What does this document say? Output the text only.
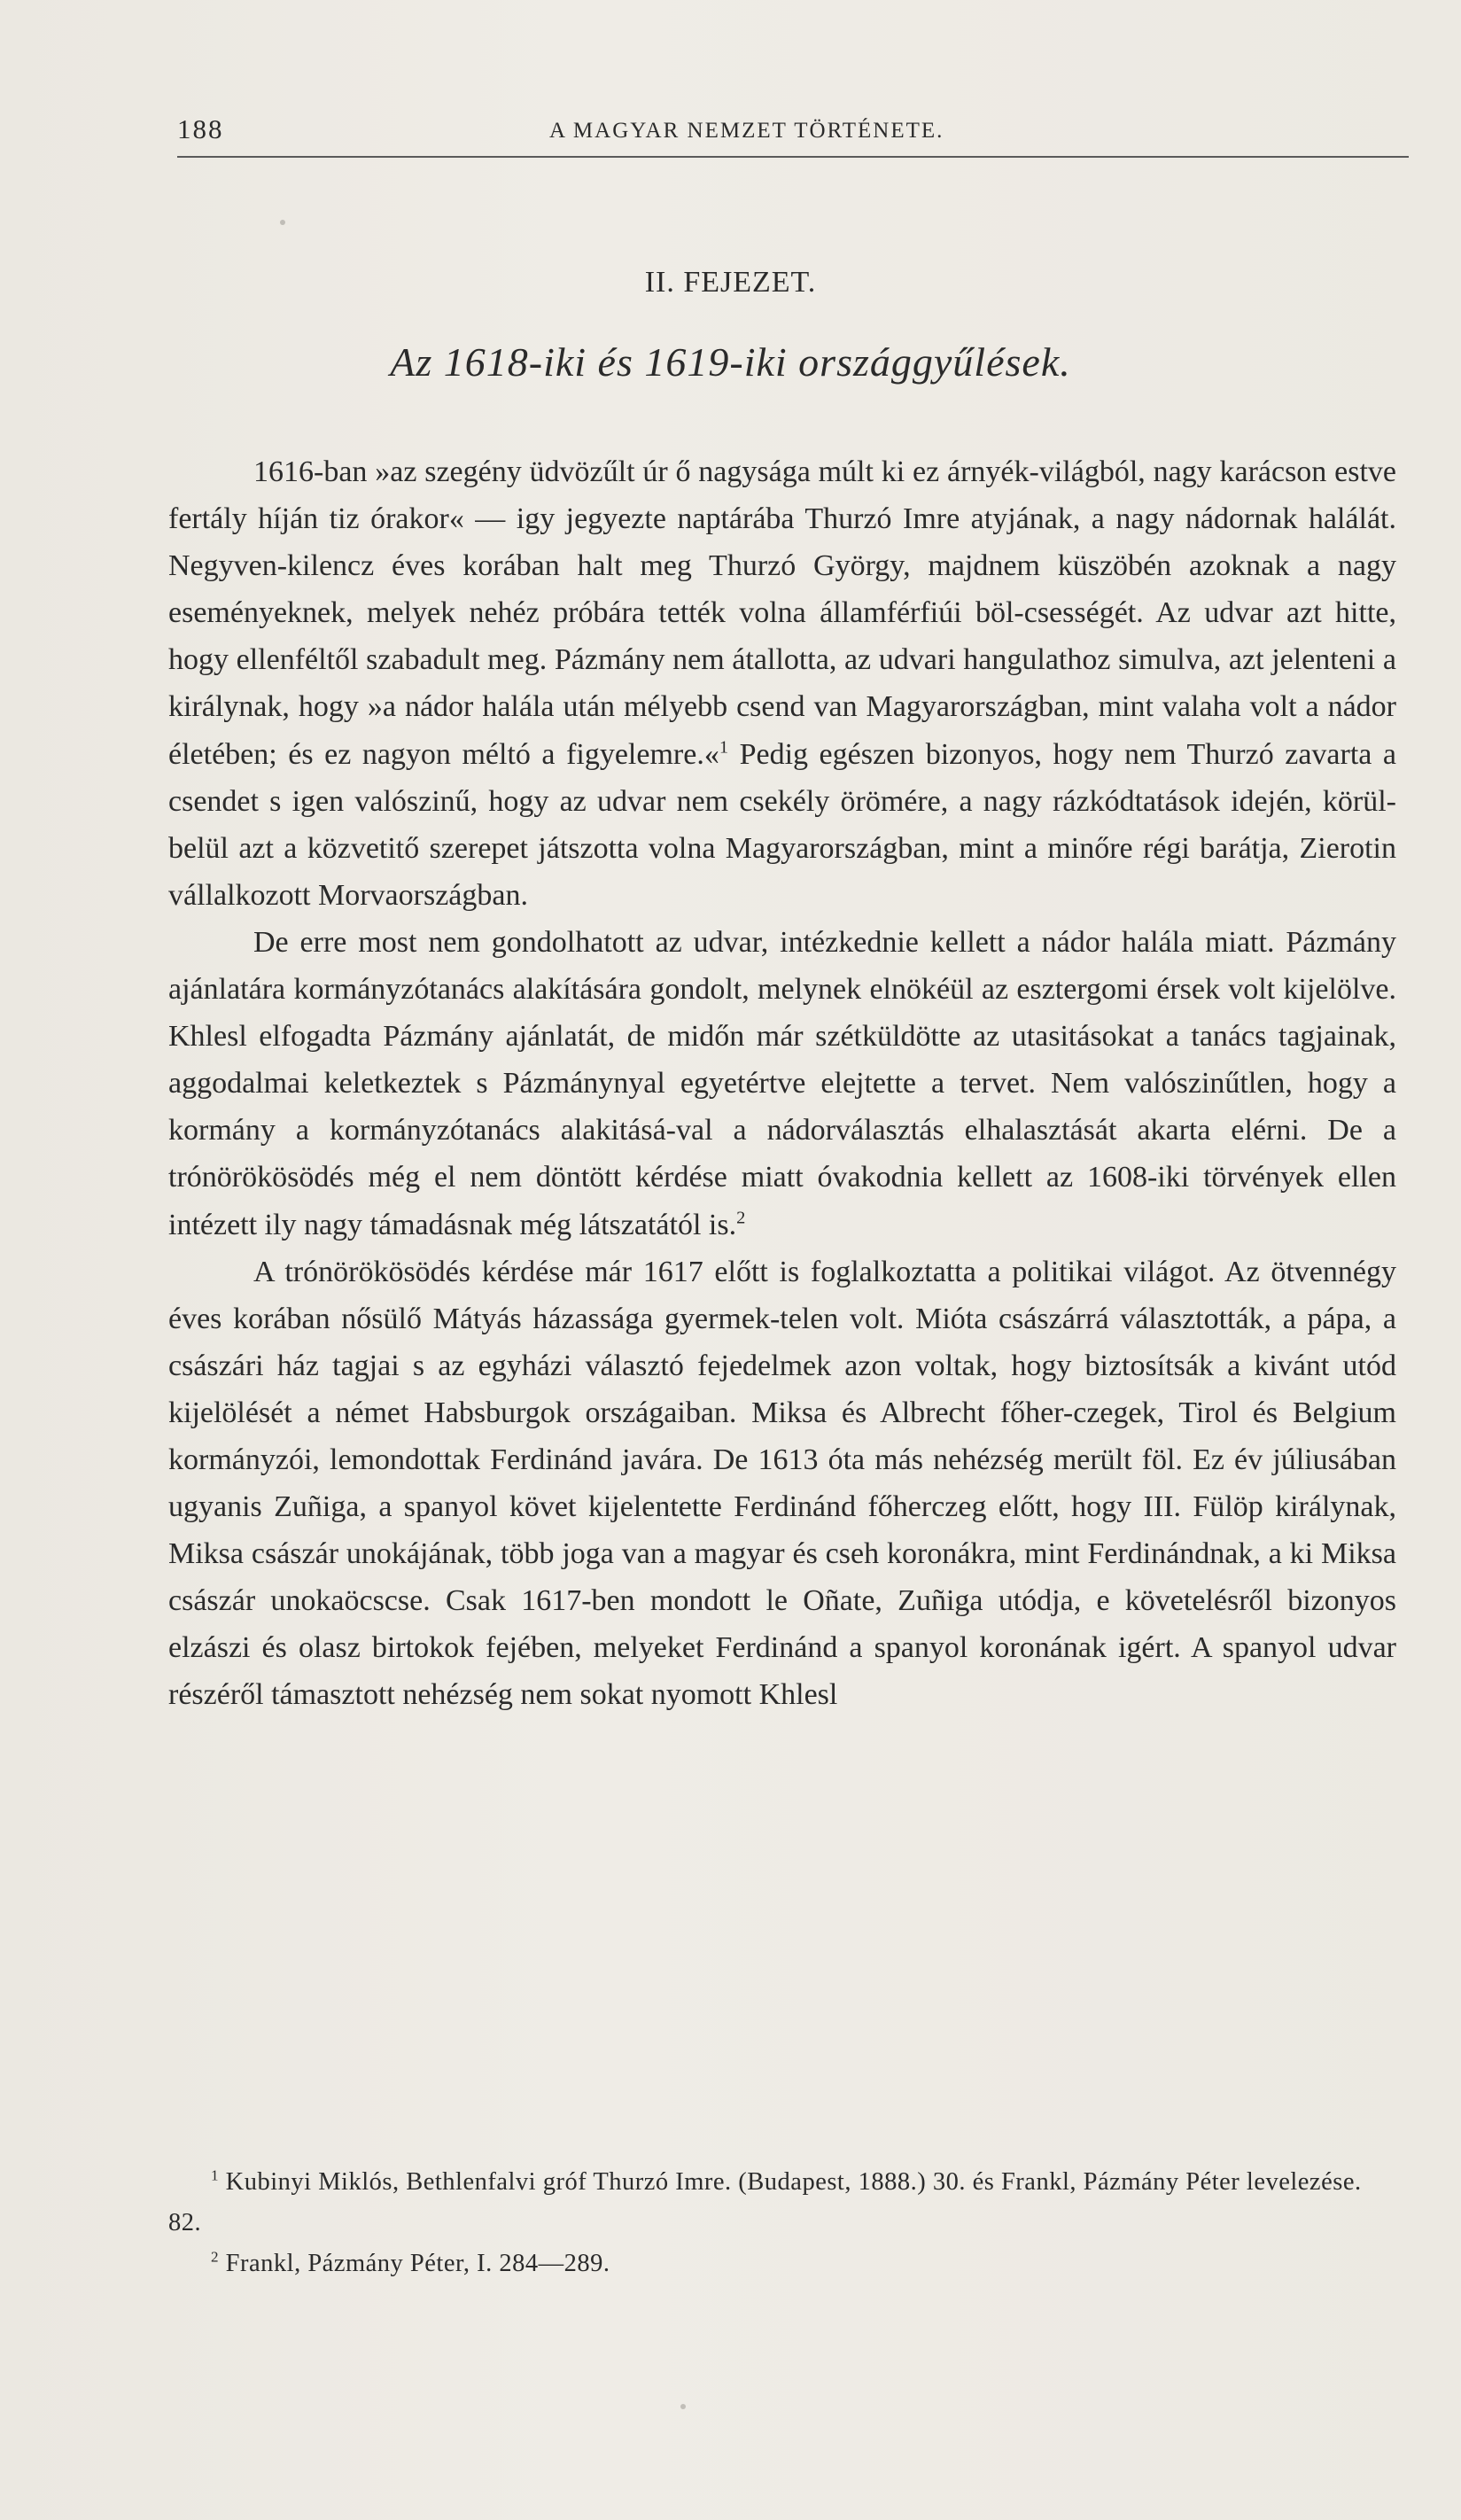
188	A MAGYAR NEMZET TÖRTÉNETE.
II. FEJEZET.
Az 1618-iki és 1619-iki országgyűlések.

1616-ban »az szegény üdvözűlt úr ő nagysága múlt ki ez árnyék-világból, nagy karácson estve fertály híján tiz órakor« — igy jegyezte naptárába Thurzó Imre atyjának, a nagy nádornak halálát. Negyven-kilencz éves korában halt meg Thurzó György, majdnem küszöbén azoknak a nagy eseményeknek, melyek nehéz próbára tették volna államférfiúi böl-csességét. Az udvar azt hitte, hogy ellenféltől szabadult meg. Pázmány nem átallotta, az udvari hangulathoz simulva, azt jelenteni a királynak, hogy »a nádor halála után mélyebb csend van Magyarországban, mint valaha volt a nádor életében; és ez nagyon méltó a figyelemre.«$^1$ Pedig egészen bizonyos, hogy nem Thurzó zavarta a csendet s igen valószinű, hogy az udvar nem csekély örömére, a nagy rázkódtatások idején, körül-belül azt a közvetitő szerepet játszotta volna Magyarországban, mint a minőre régi barátja, Zierotin vállalkozott Morvaországban.

De erre most nem gondolhatott az udvar, intézkednie kellett a nádor halála miatt. Pázmány ajánlatára kormányzótanács alakítására gondolt, melynek elnökéül az esztergomi érsek volt kijelölve. Khlesl elfogadta Pázmány ajánlatát, de midőn már szétküldötte az utasitásokat a tanács tagjainak, aggodalmai keletkeztek s Pázmánynyal egyetértve elejtette a tervet. Nem valószinűtlen, hogy a kormány a kormányzótanács alakitásá-val a nádorválasztás elhalasztását akarta elérni. De a trónörökösödés még el nem döntött kérdése miatt óvakodnia kellett az 1608-iki törvények ellen intézett ily nagy támadásnak még látszatától is.$^2$

A trónörökösödés kérdése már 1617 előtt is foglalkoztatta a politikai világot. Az ötvennégy éves korában nősülő Mátyás házassága gyermek-telen volt. Mióta császárrá választották, a pápa, a császári ház tagjai s az egyházi választó fejedelmek azon voltak, hogy biztosítsák a kivánt utód kijelölését a német Habsburgok országaiban. Miksa és Albrecht főher-czegek, Tirol és Belgium kormányzói, lemondottak Ferdinánd javára. De 1613 óta más nehézség merült föl. Ez év júliusában ugyanis Zuñiga, a spanyol követ kijelentette Ferdinánd főherczeg előtt, hogy III. Fülöp királynak, Miksa császár unokájának, több joga van a magyar és cseh koronákra, mint Ferdinándnak, a ki Miksa császár unokaöcscse. Csak 1617-ben mondott le Oñate, Zuñiga utódja, e követelésről bizonyos elzászi és olasz birtokok fejében, melyeket Ferdinánd a spanyol koronának igért. A spanyol udvar részéről támasztott nehézség nem sokat nyomott Khlesl

$^1$ Kubinyi Miklós, Bethlenfalvi gróf Thurzó Imre. (Budapest, 1888.) 30. és Frankl, Pázmány Péter levelezése. 82.

$^2$ Frankl, Pázmány Péter, I. 284—289.
